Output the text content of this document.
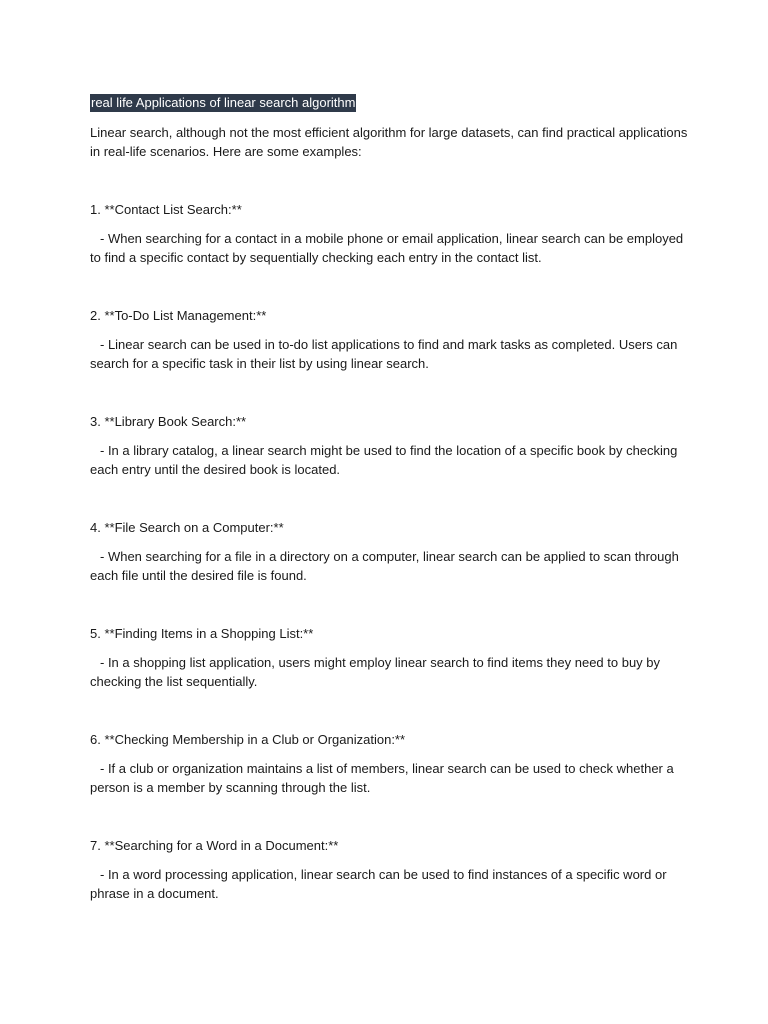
real life Applications of linear search algorithm

Linear search, although not the most efficient algorithm for large datasets, can find practical applications

in real-life scenarios. Here are some examples:

1. **Contact List Search:**

- When searching for a contact in a mobile phone or email application, linear search can be employed
to find a specific contact by sequentially checking each entry in the contact list.

2. **To-Do List Management:**

- Linear search can be used in to-do list applications to find and mark tasks as completed. Users can
search for a specific task in their list by using linear search.

3. **Library Book Search:**

- In a library catalog, a linear search might be used to find the location of a specific book by checking
each entry until the desired book is located.

4. **File Search on a Computer:**

- When searching for a file in a directory on a computer, linear search can be applied to scan through
each file until the desired file is found.

5. **Finding Items in a Shopping List:**

- In a shopping list application, users might employ linear search to find items they need to buy by
checking the list sequentially.

6. **Checking Membership in a Club or Organization:**

- If a club or organization maintains a list of members, linear search can be used to check whether a
person is a member by scanning through the list.

7. **Searching for a Word in a Document:**

- In a word processing application, linear search can be used to find instances of a specific word or
phrase in a document.
